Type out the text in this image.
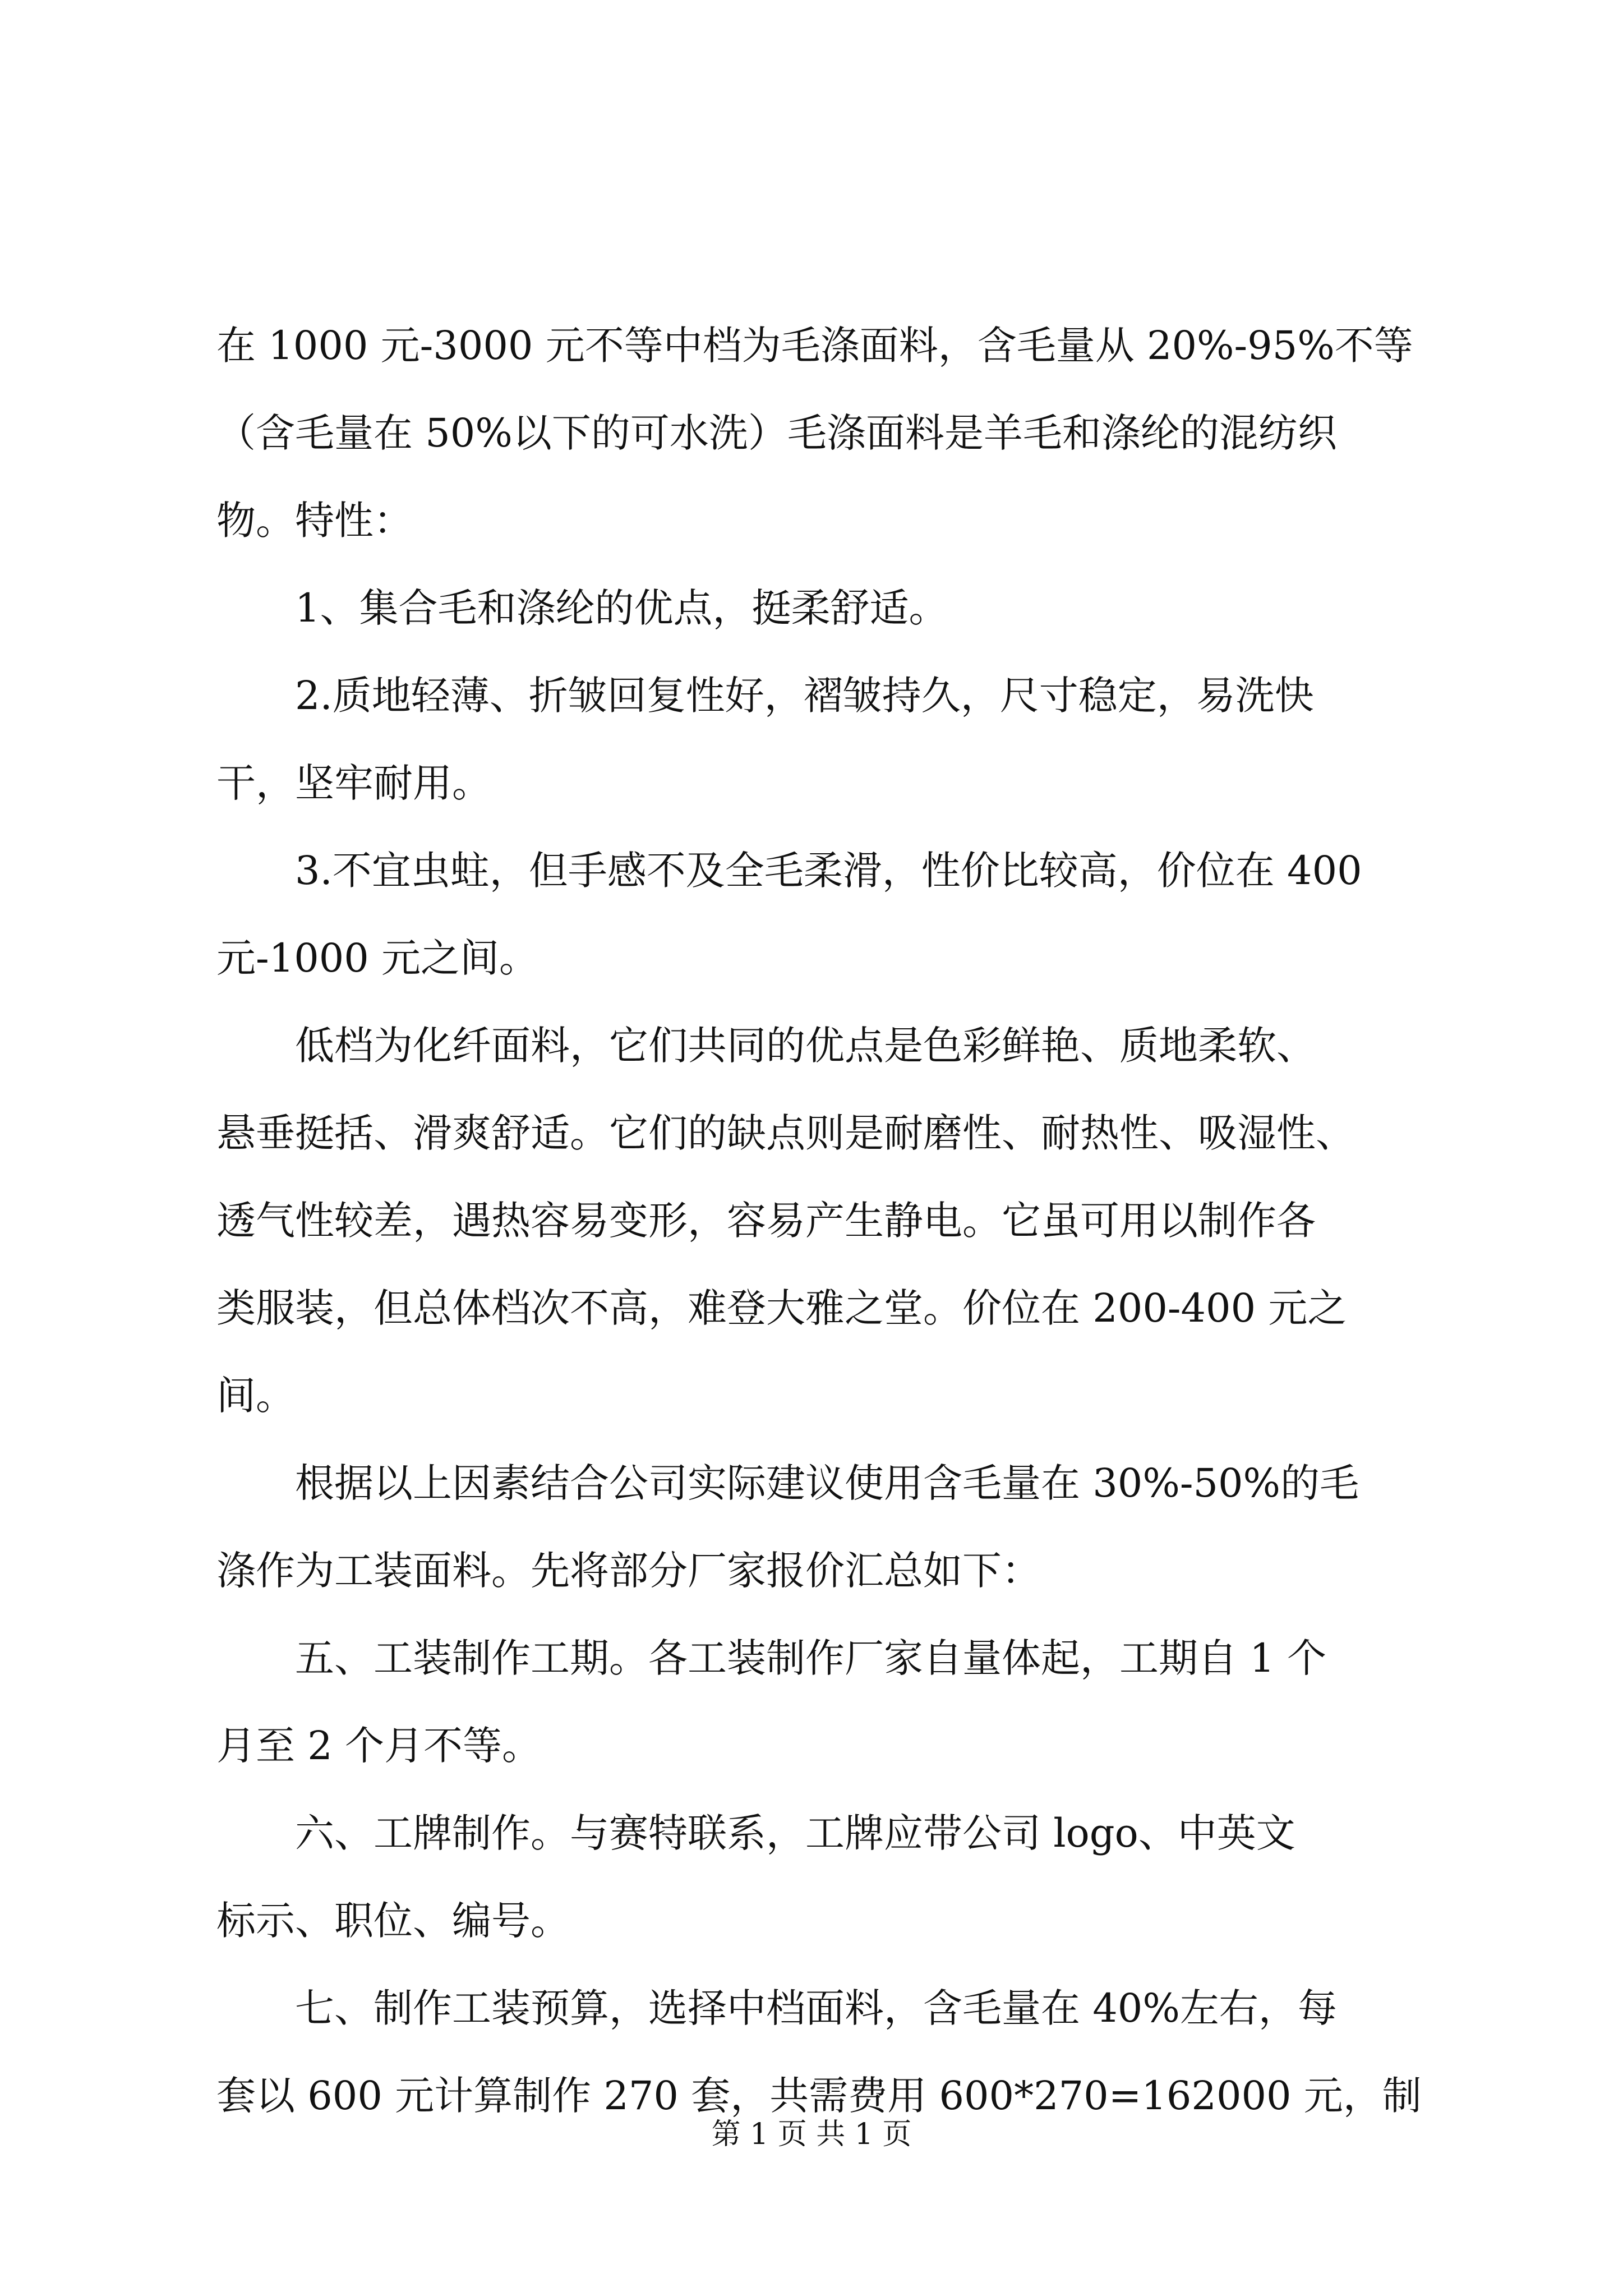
在 1000 元-3000 元不等中档为毛涤面料，含毛量从 20%-95%不等
（含毛量在 50%以下的可水洗）毛涤面料是羊毛和涤纶的混纺织
物。特性：
1、集合毛和涤纶的优点，挺柔舒适。
2.质地轻薄、折皱回复性好，褶皱持久，尺寸稳定，易洗快
干，坚牢耐用。
3.不宜虫蛀，但手感不及全毛柔滑，性价比较高，价位在 400
元-1000 元之间。
低档为化纤面料，它们共同的优点是色彩鲜艳、质地柔软、
悬垂挺括、滑爽舒适。它们的缺点则是耐磨性、耐热性、吸湿性、
透气性较差，遇热容易变形，容易产生静电。它虽可用以制作各
类服装，但总体档次不高，难登大雅之堂。价位在 200-400 元之
间。
根据以上因素结合公司实际建议使用含毛量在 30%-50%的毛
涤作为工装面料。先将部分厂家报价汇总如下：
五、工装制作工期。各工装制作厂家自量体起，工期自 1 个
月至 2 个月不等。
六、工牌制作。与赛特联系，工牌应带公司 logo、中英文
标示、职位、编号。
七、制作工装预算，选择中档面料，含毛量在 40%左右，每
套以 600 元计算制作 270 套，共需费用 600*270=162000 元，制
第 1 页 共 1 页
